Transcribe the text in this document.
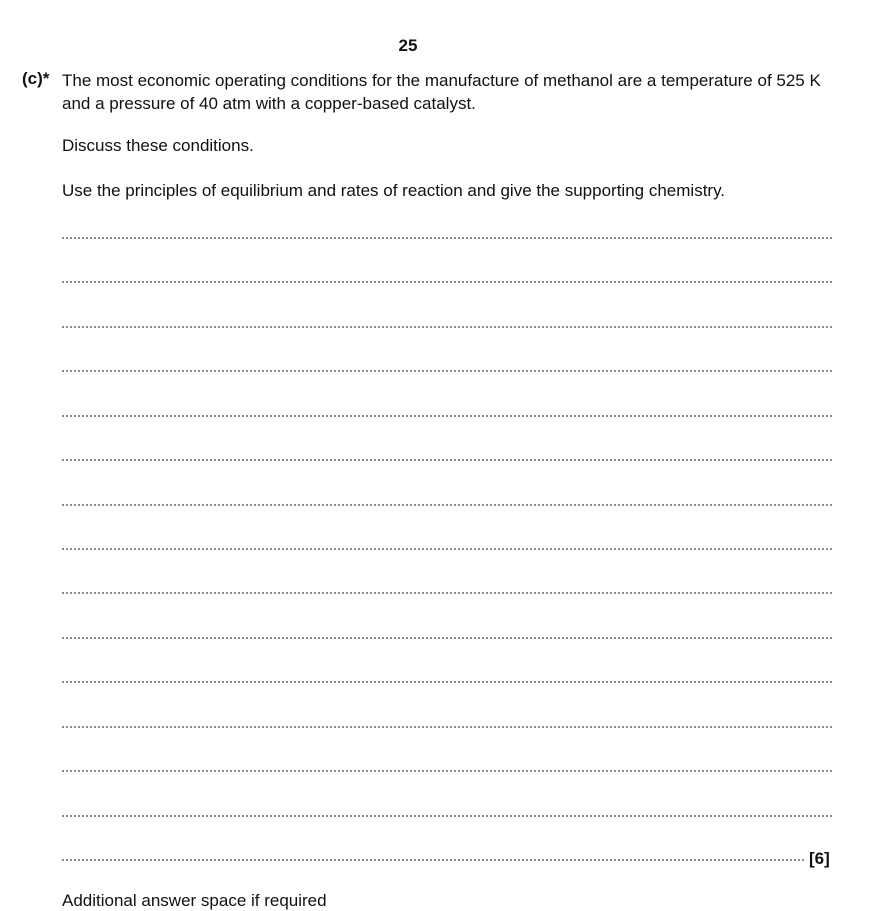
25
(c)* The most economic operating conditions for the manufacture of methanol are a temperature of 525 K and a pressure of 40 atm with a copper-based catalyst.
Discuss these conditions.
Use the principles of equilibrium and rates of reaction and give the supporting chemistry.
[6]
Additional answer space if required
